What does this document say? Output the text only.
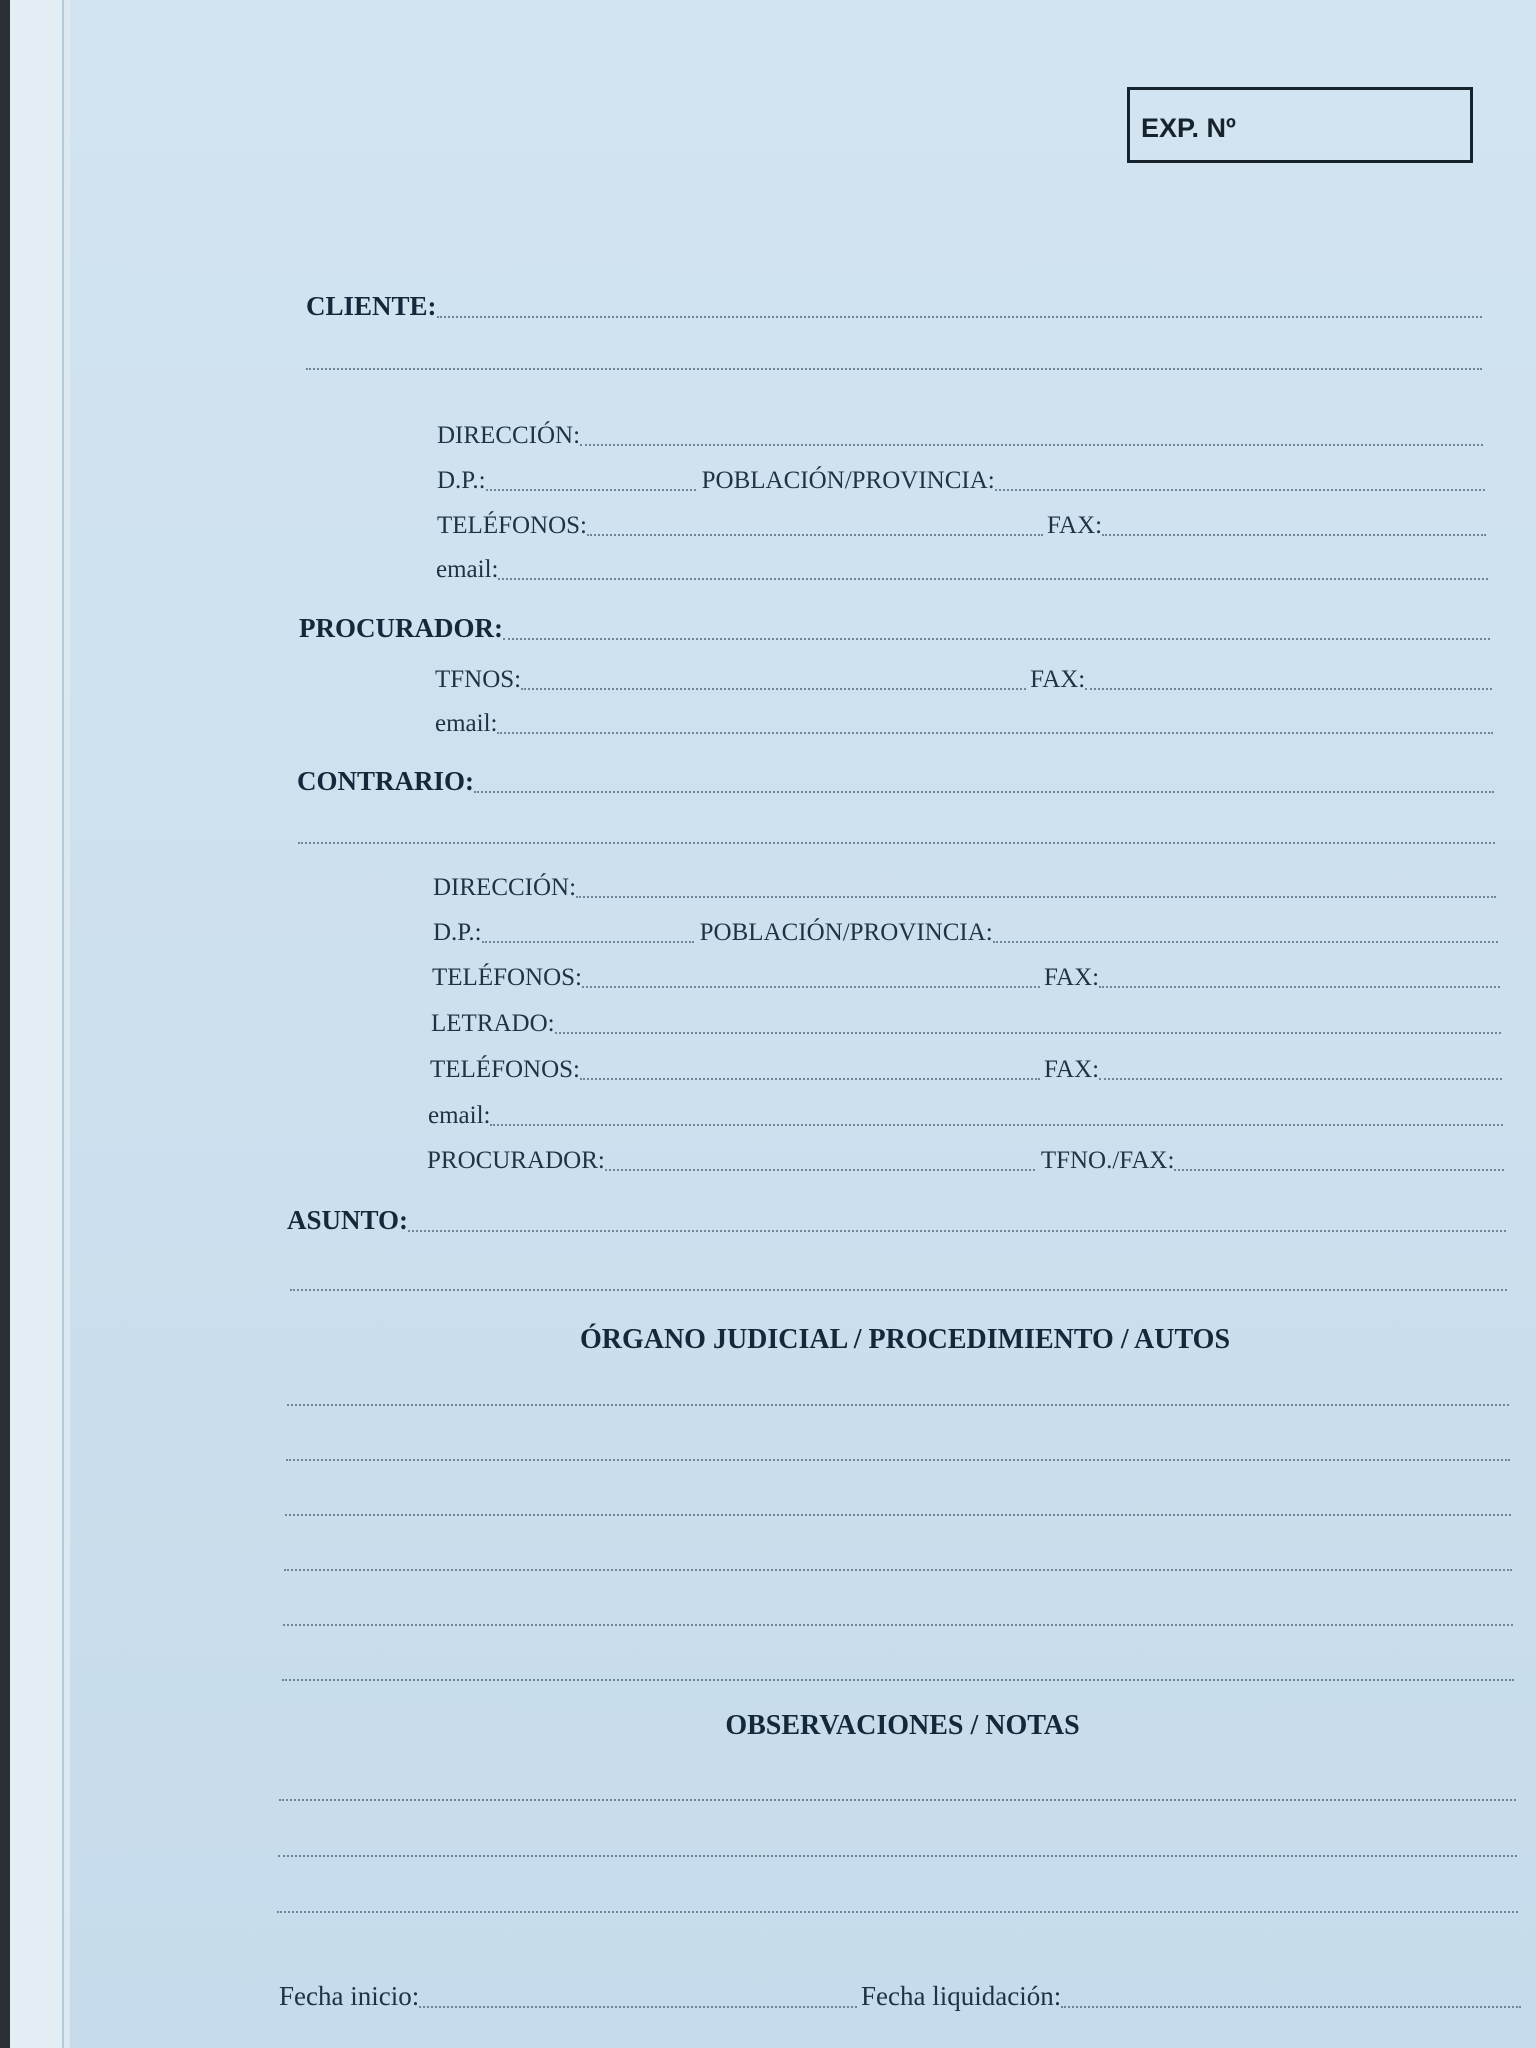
EXP. Nº
CLIENTE:
DIRECCIÓN:
D.P.:	POBLACIÓN/PROVINCIA:
TELÉFONOS:	FAX:
email:
PROCURADOR:
TFNOS:	FAX:
email:
CONTRARIO:
DIRECCIÓN:
D.P.:	POBLACIÓN/PROVINCIA:
TELÉFONOS:	FAX:
LETRADO:
TELÉFONOS:	FAX:
email:
PROCURADOR:	TFNO./FAX:
ASUNTO:
ÓRGANO JUDICIAL / PROCEDIMIENTO / AUTOS
OBSERVACIONES / NOTAS
Fecha inicio:	Fecha liquidación:
